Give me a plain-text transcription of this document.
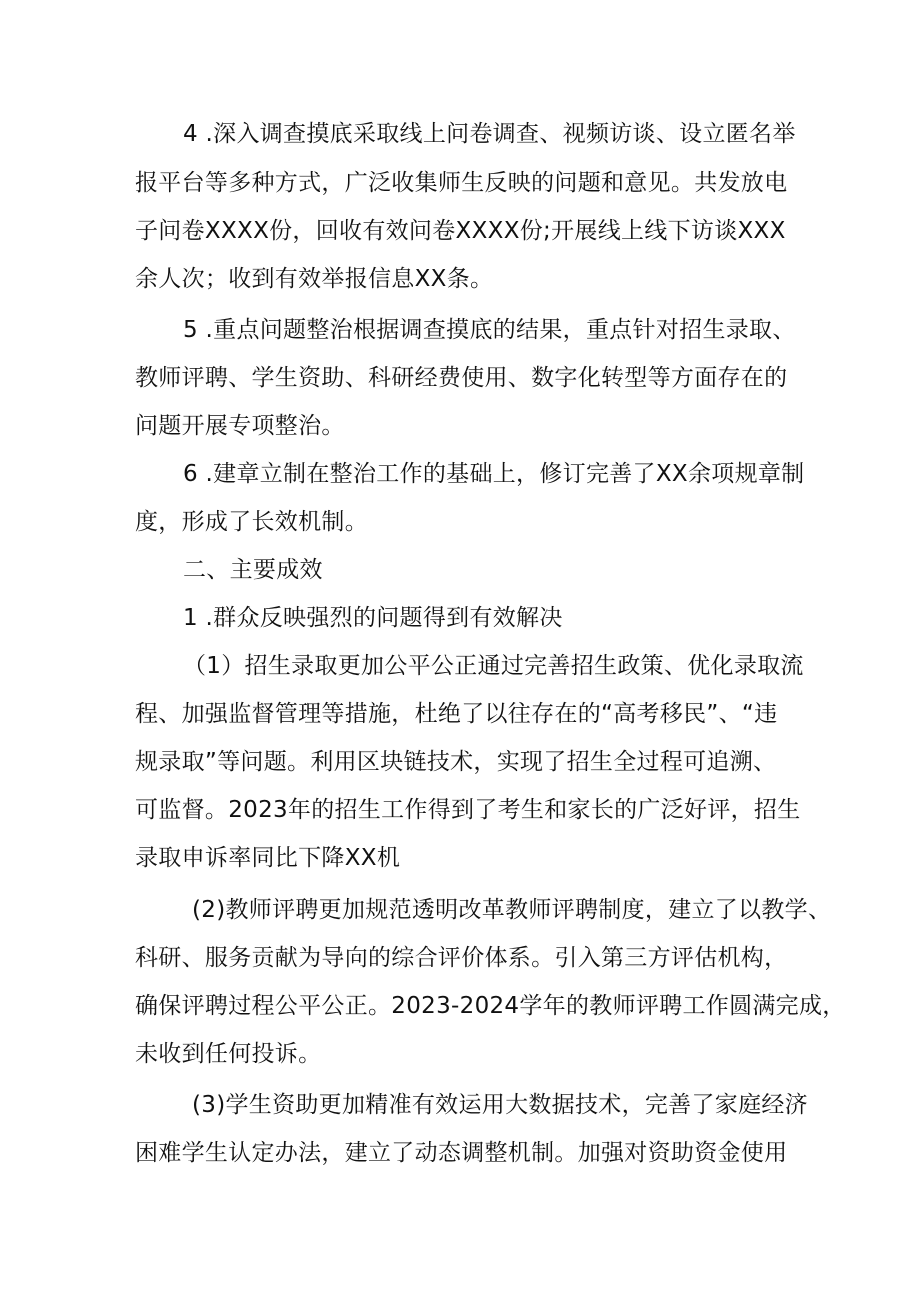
4 .深入调查摸底采取线上问卷调查、视频访谈、设立匿名举
报平台等多种方式，广泛收集师生反映的问题和意见。共发放电
子问卷XXXX份，回收有效问卷XXXX份;开展线上线下访谈XXX
余人次；收到有效举报信息XX条。
5 .重点问题整治根据调查摸底的结果，重点针对招生录取、
教师评聘、学生资助、科研经费使用、数字化转型等方面存在的
问题开展专项整治。
6 .建章立制在整治工作的基础上，修订完善了XX余项规章制
度，形成了长效机制。
二、主要成效
1 .群众反映强烈的问题得到有效解决
（1）招生录取更加公平公正通过完善招生政策、优化录取流
程、加强监督管理等措施，杜绝了以往存在的“高考移民”、“违
规录取”等问题。利用区块链技术，实现了招生全过程可追溯、
可监督。2023年的招生工作得到了考生和家长的广泛好评，招生
录取申诉率同比下降XX机
(2)教师评聘更加规范透明改革教师评聘制度，建立了以教学、
科研、服务贡献为导向的综合评价体系。引入第三方评估机构，
确保评聘过程公平公正。2023-2024学年的教师评聘工作圆满完成，
未收到任何投诉。
(3)学生资助更加精准有效运用大数据技术，完善了家庭经济
困难学生认定办法，建立了动态调整机制。加强对资助资金使用
